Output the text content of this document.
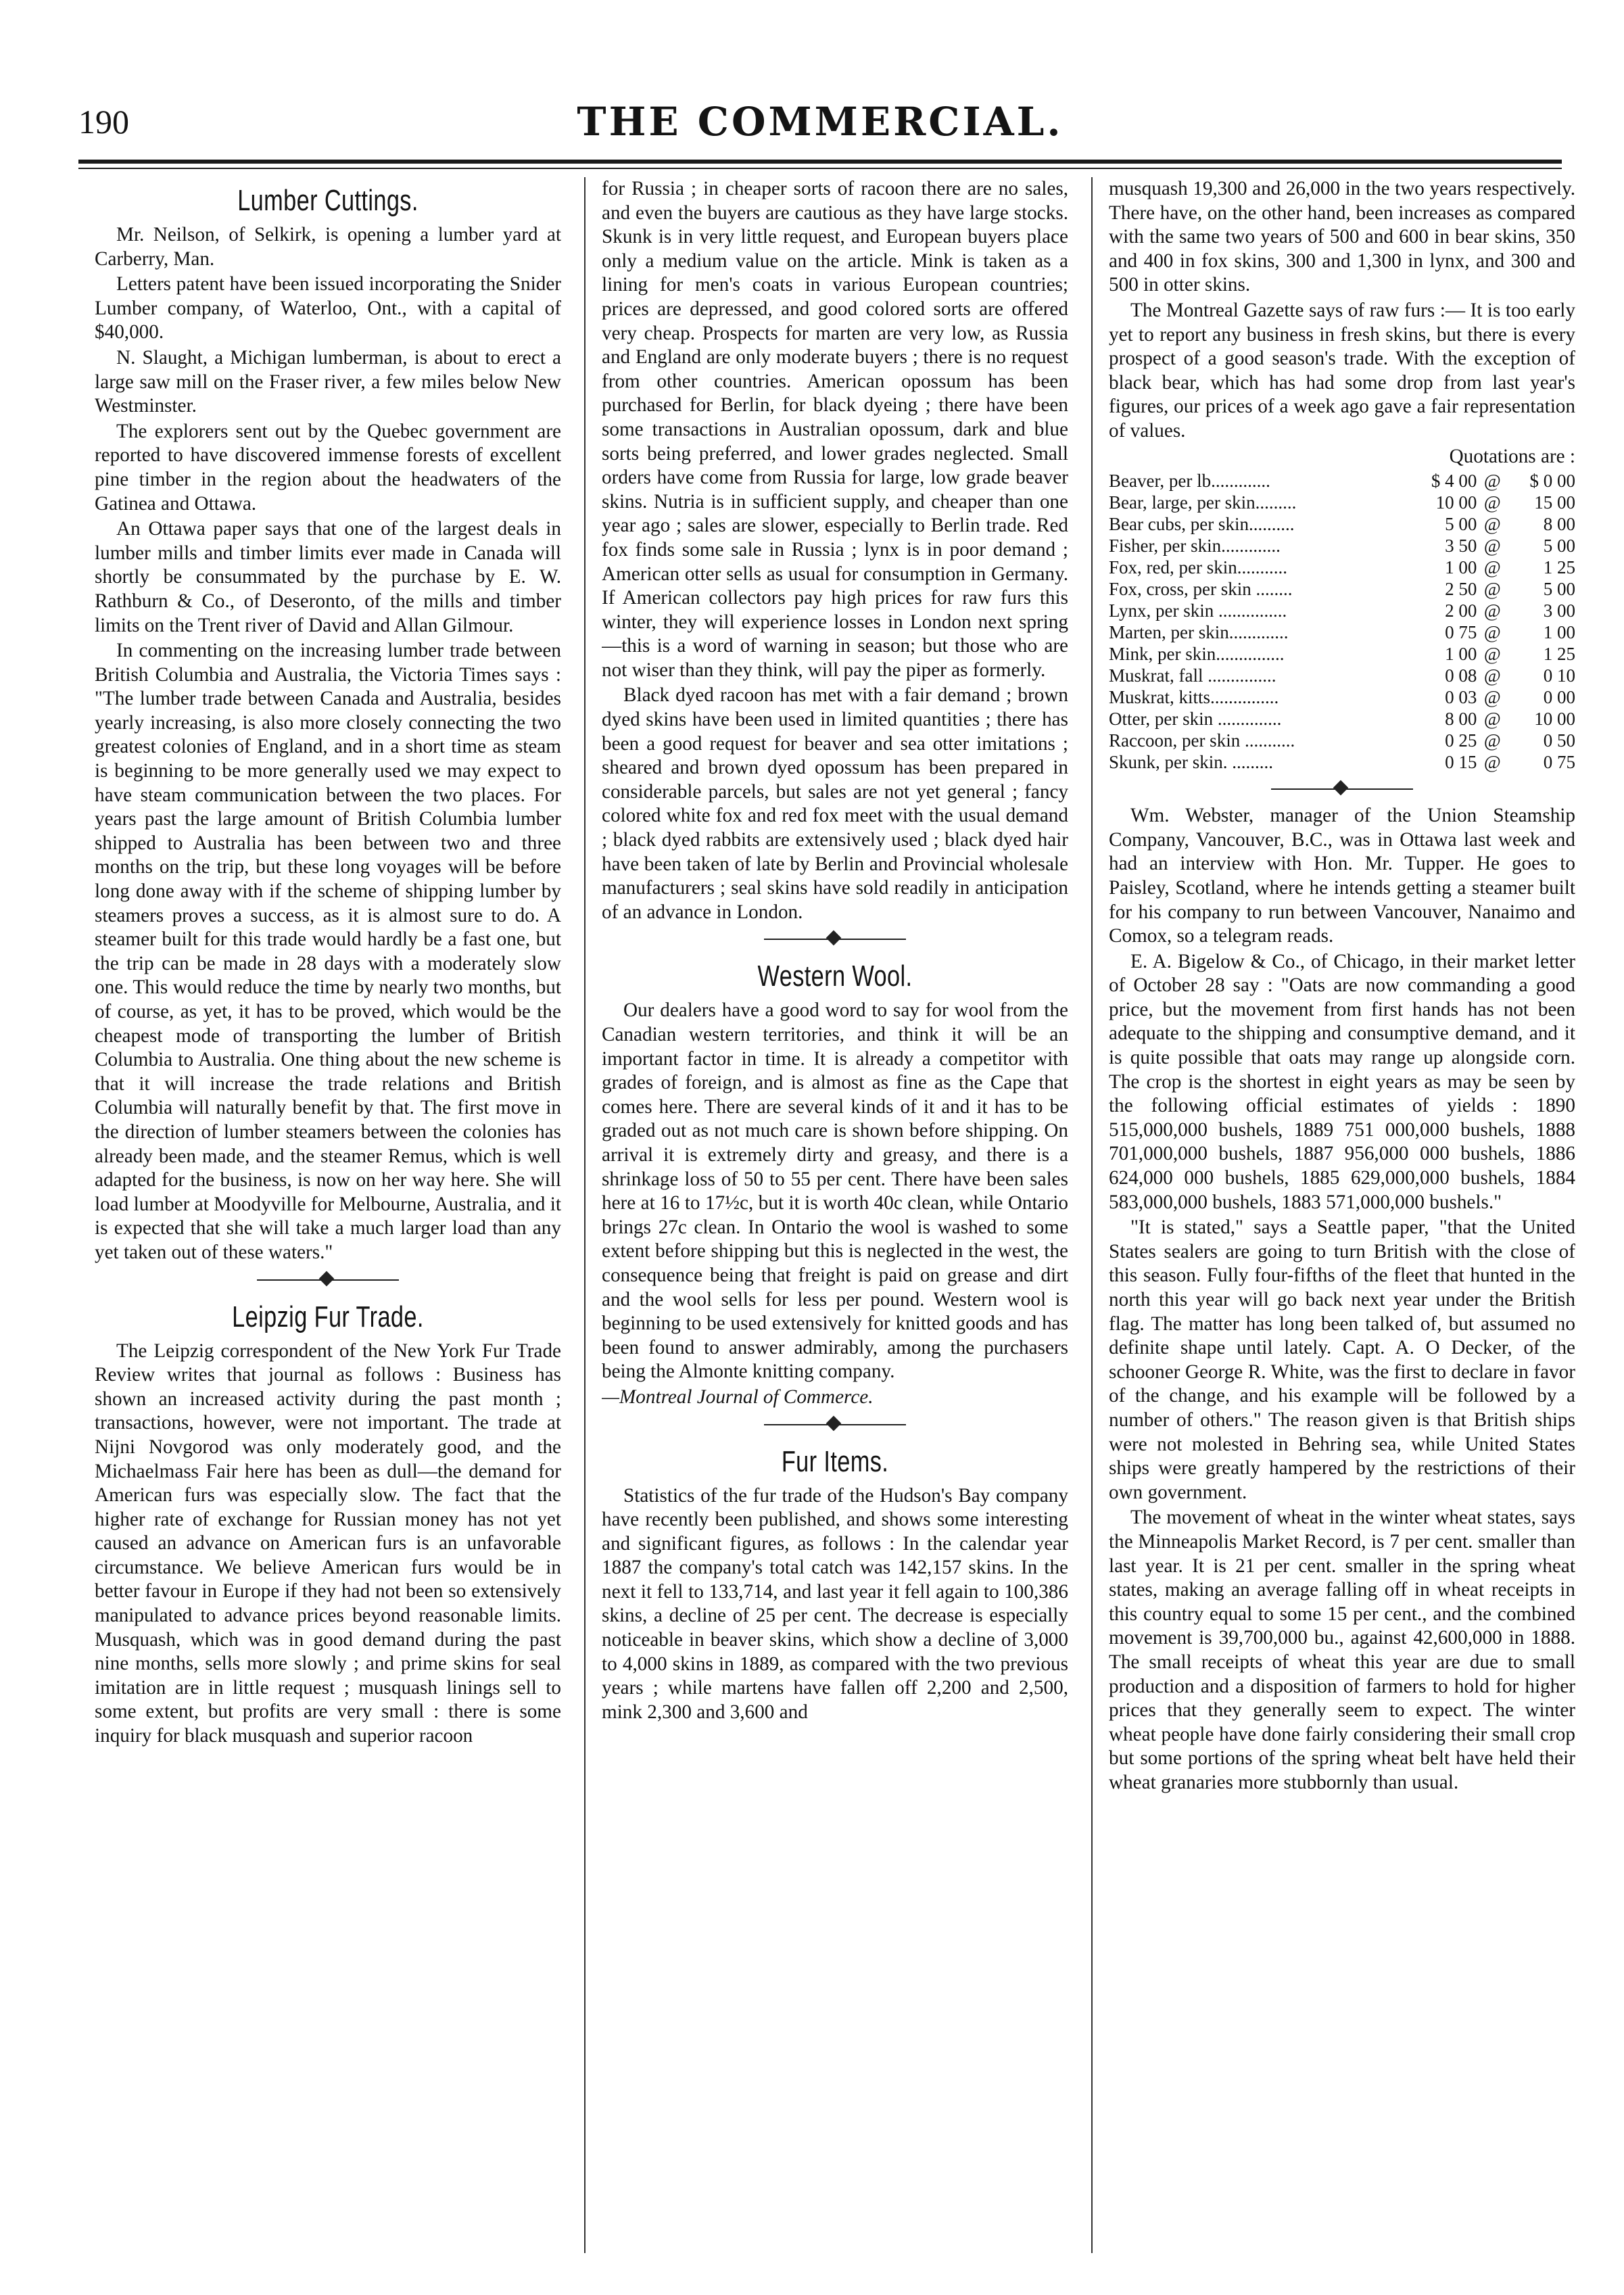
190	THE COMMERCIAL.
Lumber Cuttings.

Mr. Neilson, of Selkirk, is opening a lumber yard at Carberry, Man.

Letters patent have been issued incorporating the Snider Lumber company, of Waterloo, Ont., with a capital of $40,000.

N. Slaught, a Michigan lumberman, is about to erect a large saw mill on the Fraser river, a few miles below New Westminster.

The explorers sent out by the Quebec government are reported to have discovered immense forests of excellent pine timber in the region about the headwaters of the Gatinea and Ottawa.

An Ottawa paper says that one of the largest deals in lumber mills and timber limits ever made in Canada will shortly be consummated by the purchase by E. W. Rathburn & Co., of Deseronto, of the mills and timber limits on the Trent river of David and Allan Gilmour.

In commenting on the increasing lumber trade between British Columbia and Australia, the Victoria Times says : "The lumber trade between Canada and Australia, besides yearly increasing, is also more closely connecting the two greatest colonies of England, and in a short time as steam is beginning to be more generally used we may expect to have steam communication between the two places. For years past the large amount of British Columbia lumber shipped to Australia has been between two and three months on the trip, but these long voyages will be before long done away with if the scheme of shipping lumber by steamers proves a success, as it is almost sure to do. A steamer built for this trade would hardly be a fast one, but the trip can be made in 28 days with a moderately slow one. This would reduce the time by nearly two months, but of course, as yet, it has to be proved, which would be the cheapest mode of transporting the lumber of British Columbia to Australia. One thing about the new scheme is that it will increase the trade relations and British Columbia will naturally benefit by that. The first move in the direction of lumber steamers between the colonies has already been made, and the steamer Remus, which is well adapted for the business, is now on her way here. She will load lumber at Moodyville for Melbourne, Australia, and it is expected that she will take a much larger load than any yet taken out of these waters."

Leipzig Fur Trade.

The Leipzig correspondent of the New York Fur Trade Review writes that journal as follows : Business has shown an increased activity during the past month ; transactions, however, were not important. The trade at Nijni Novgorod was only moderately good, and the Michaelmass Fair here has been as dull—the demand for American furs was especially slow. The fact that the higher rate of exchange for Russian money has not yet caused an advance on American furs is an unfavorable circumstance. We believe American furs would be in better favour in Europe if they had not been so extensively manipulated to advance prices beyond reasonable limits. Musquash, which was in good demand during the past nine months, sells more slowly ; and prime skins for seal imitation are in little request ; musquash linings sell to some extent, but profits are very small : there is some inquiry for black musquash and superior racoon

for Russia ; in cheaper sorts of racoon there are no sales, and even the buyers are cautious as they have large stocks. Skunk is in very little request, and European buyers place only a medium value on the article. Mink is taken as a lining for men's coats in various European countries; prices are depressed, and good colored sorts are offered very cheap. Prospects for marten are very low, as Russia and England are only moderate buyers ; there is no request from other countries. American opossum has been purchased for Berlin, for black dyeing ; there have been some transactions in Australian opossum, dark and blue sorts being preferred, and lower grades neglected. Small orders have come from Russia for large, low grade beaver skins. Nutria is in sufficient supply, and cheaper than one year ago ; sales are slower, especially to Berlin trade. Red fox finds some sale in Russia ; lynx is in poor demand ; American otter sells as usual for consumption in Germany. If American collectors pay high prices for raw furs this winter, they will experience losses in London next spring—this is a word of warning in season; but those who are not wiser than they think, will pay the piper as formerly.

Black dyed racoon has met with a fair demand ; brown dyed skins have been used in limited quantities ; there has been a good request for beaver and sea otter imitations ; sheared and brown dyed opossum has been prepared in considerable parcels, but sales are not yet general ; fancy colored white fox and red fox meet with the usual demand ; black dyed rabbits are extensively used ; black dyed hair have been taken of late by Berlin and Provincial wholesale manufacturers ; seal skins have sold readily in anticipation of an advance in London.

Western Wool.

Our dealers have a good word to say for wool from the Canadian western territories, and think it will be an important factor in time. It is already a competitor with grades of foreign, and is almost as fine as the Cape that comes here. There are several kinds of it and it has to be graded out as not much care is shown before shipping. On arrival it is extremely dirty and greasy, and there is a shrinkage loss of 50 to 55 per cent. There have been sales here at 16 to 17½c, but it is worth 40c clean, while Ontario brings 27c clean. In Ontario the wool is washed to some extent before shipping but this is neglected in the west, the consequence being that freight is paid on grease and dirt and the wool sells for less per pound. Western wool is beginning to be used extensively for knitted goods and has been found to answer admirably, among the purchasers being the Almonte knitting company.

—Montreal Journal of Commerce.

Fur Items.

Statistics of the fur trade of the Hudson's Bay company have recently been published, and shows some interesting and significant figures, as follows : In the calendar year 1887 the company's total catch was 142,157 skins. In the next it fell to 133,714, and last year it fell again to 100,386 skins, a decline of 25 per cent. The decrease is especially noticeable in beaver skins, which show a decline of 3,000 to 4,000 skins in 1889, as compared with the two previous years ; while martens have fallen off 2,200 and 2,500, mink 2,300 and 3,600 and

musquash 19,300 and 26,000 in the two years respectively. There have, on the other hand, been increases as compared with the same two years of 500 and 600 in bear skins, 350 and 400 in fox skins, 300 and 1,300 in lynx, and 300 and 500 in otter skins.

The Montreal Gazette says of raw furs :— It is too early yet to report any business in fresh skins, but there is every prospect of a good season's trade. With the exception of black bear, which has had some drop from last year's figures, our prices of a week ago gave a fair representation of values.

Quotations are :
Beaver, per lb.............	$ 4 00	@	$ 0 00
Bear, large, per skin.........	10 00	@	15 00
Bear cubs, per skin..........	5 00	@	8 00
Fisher, per skin.............	3 50	@	5 00
Fox, red, per skin...........	1 00	@	1 25
Fox, cross, per skin ........	2 50	@	5 00
Lynx, per skin ...............	2 00	@	3 00
Marten, per skin.............	0 75	@	1 00
Mink, per skin...............	1 00	@	1 25
Muskrat, fall ...............	0 08	@	0 10
Muskrat, kitts...............	0 03	@	0 00
Otter, per skin ..............	8 00	@	10 00
Raccoon, per skin ...........	0 25	@	0 50
Skunk, per skin. .........	0 15	@	0 75

Wm. Webster, manager of the Union Steamship Company, Vancouver, B.C., was in Ottawa last week and had an interview with Hon. Mr. Tupper. He goes to Paisley, Scotland, where he intends getting a steamer built for his company to run between Vancouver, Nanaimo and Comox, so a telegram reads.

E. A. Bigelow & Co., of Chicago, in their market letter of October 28 say : "Oats are now commanding a good price, but the movement from first hands has not been adequate to the shipping and consumptive demand, and it is quite possible that oats may range up alongside corn. The crop is the shortest in eight years as may be seen by the following official estimates of yields : 1890 515,000,000 bushels, 1889 751 000,000 bushels, 1888 701,000,000 bushels, 1887 956,000 000 bushels, 1886 624,000 000 bushels, 1885 629,000,000 bushels, 1884 583,000,000 bushels, 1883 571,000,000 bushels."

"It is stated," says a Seattle paper, "that the United States sealers are going to turn British with the close of this season. Fully four-fifths of the fleet that hunted in the north this year will go back next year under the British flag. The matter has long been talked of, but assumed no definite shape until lately. Capt. A. O Decker, of the schooner George R. White, was the first to declare in favor of the change, and his example will be followed by a number of others." The reason given is that British ships were not molested in Behring sea, while United States ships were greatly hampered by the restrictions of their own government.

The movement of wheat in the winter wheat states, says the Minneapolis Market Record, is 7 per cent. smaller than last year. It is 21 per cent. smaller in the spring wheat states, making an average falling off in wheat receipts in this country equal to some 15 per cent., and the combined movement is 39,700,000 bu., against 42,600,000 in 1888. The small receipts of wheat this year are due to small production and a disposition of farmers to hold for higher prices that they generally seem to expect. The winter wheat people have done fairly considering their small crop but some portions of the spring wheat belt have held their wheat granaries more stubbornly than usual.
